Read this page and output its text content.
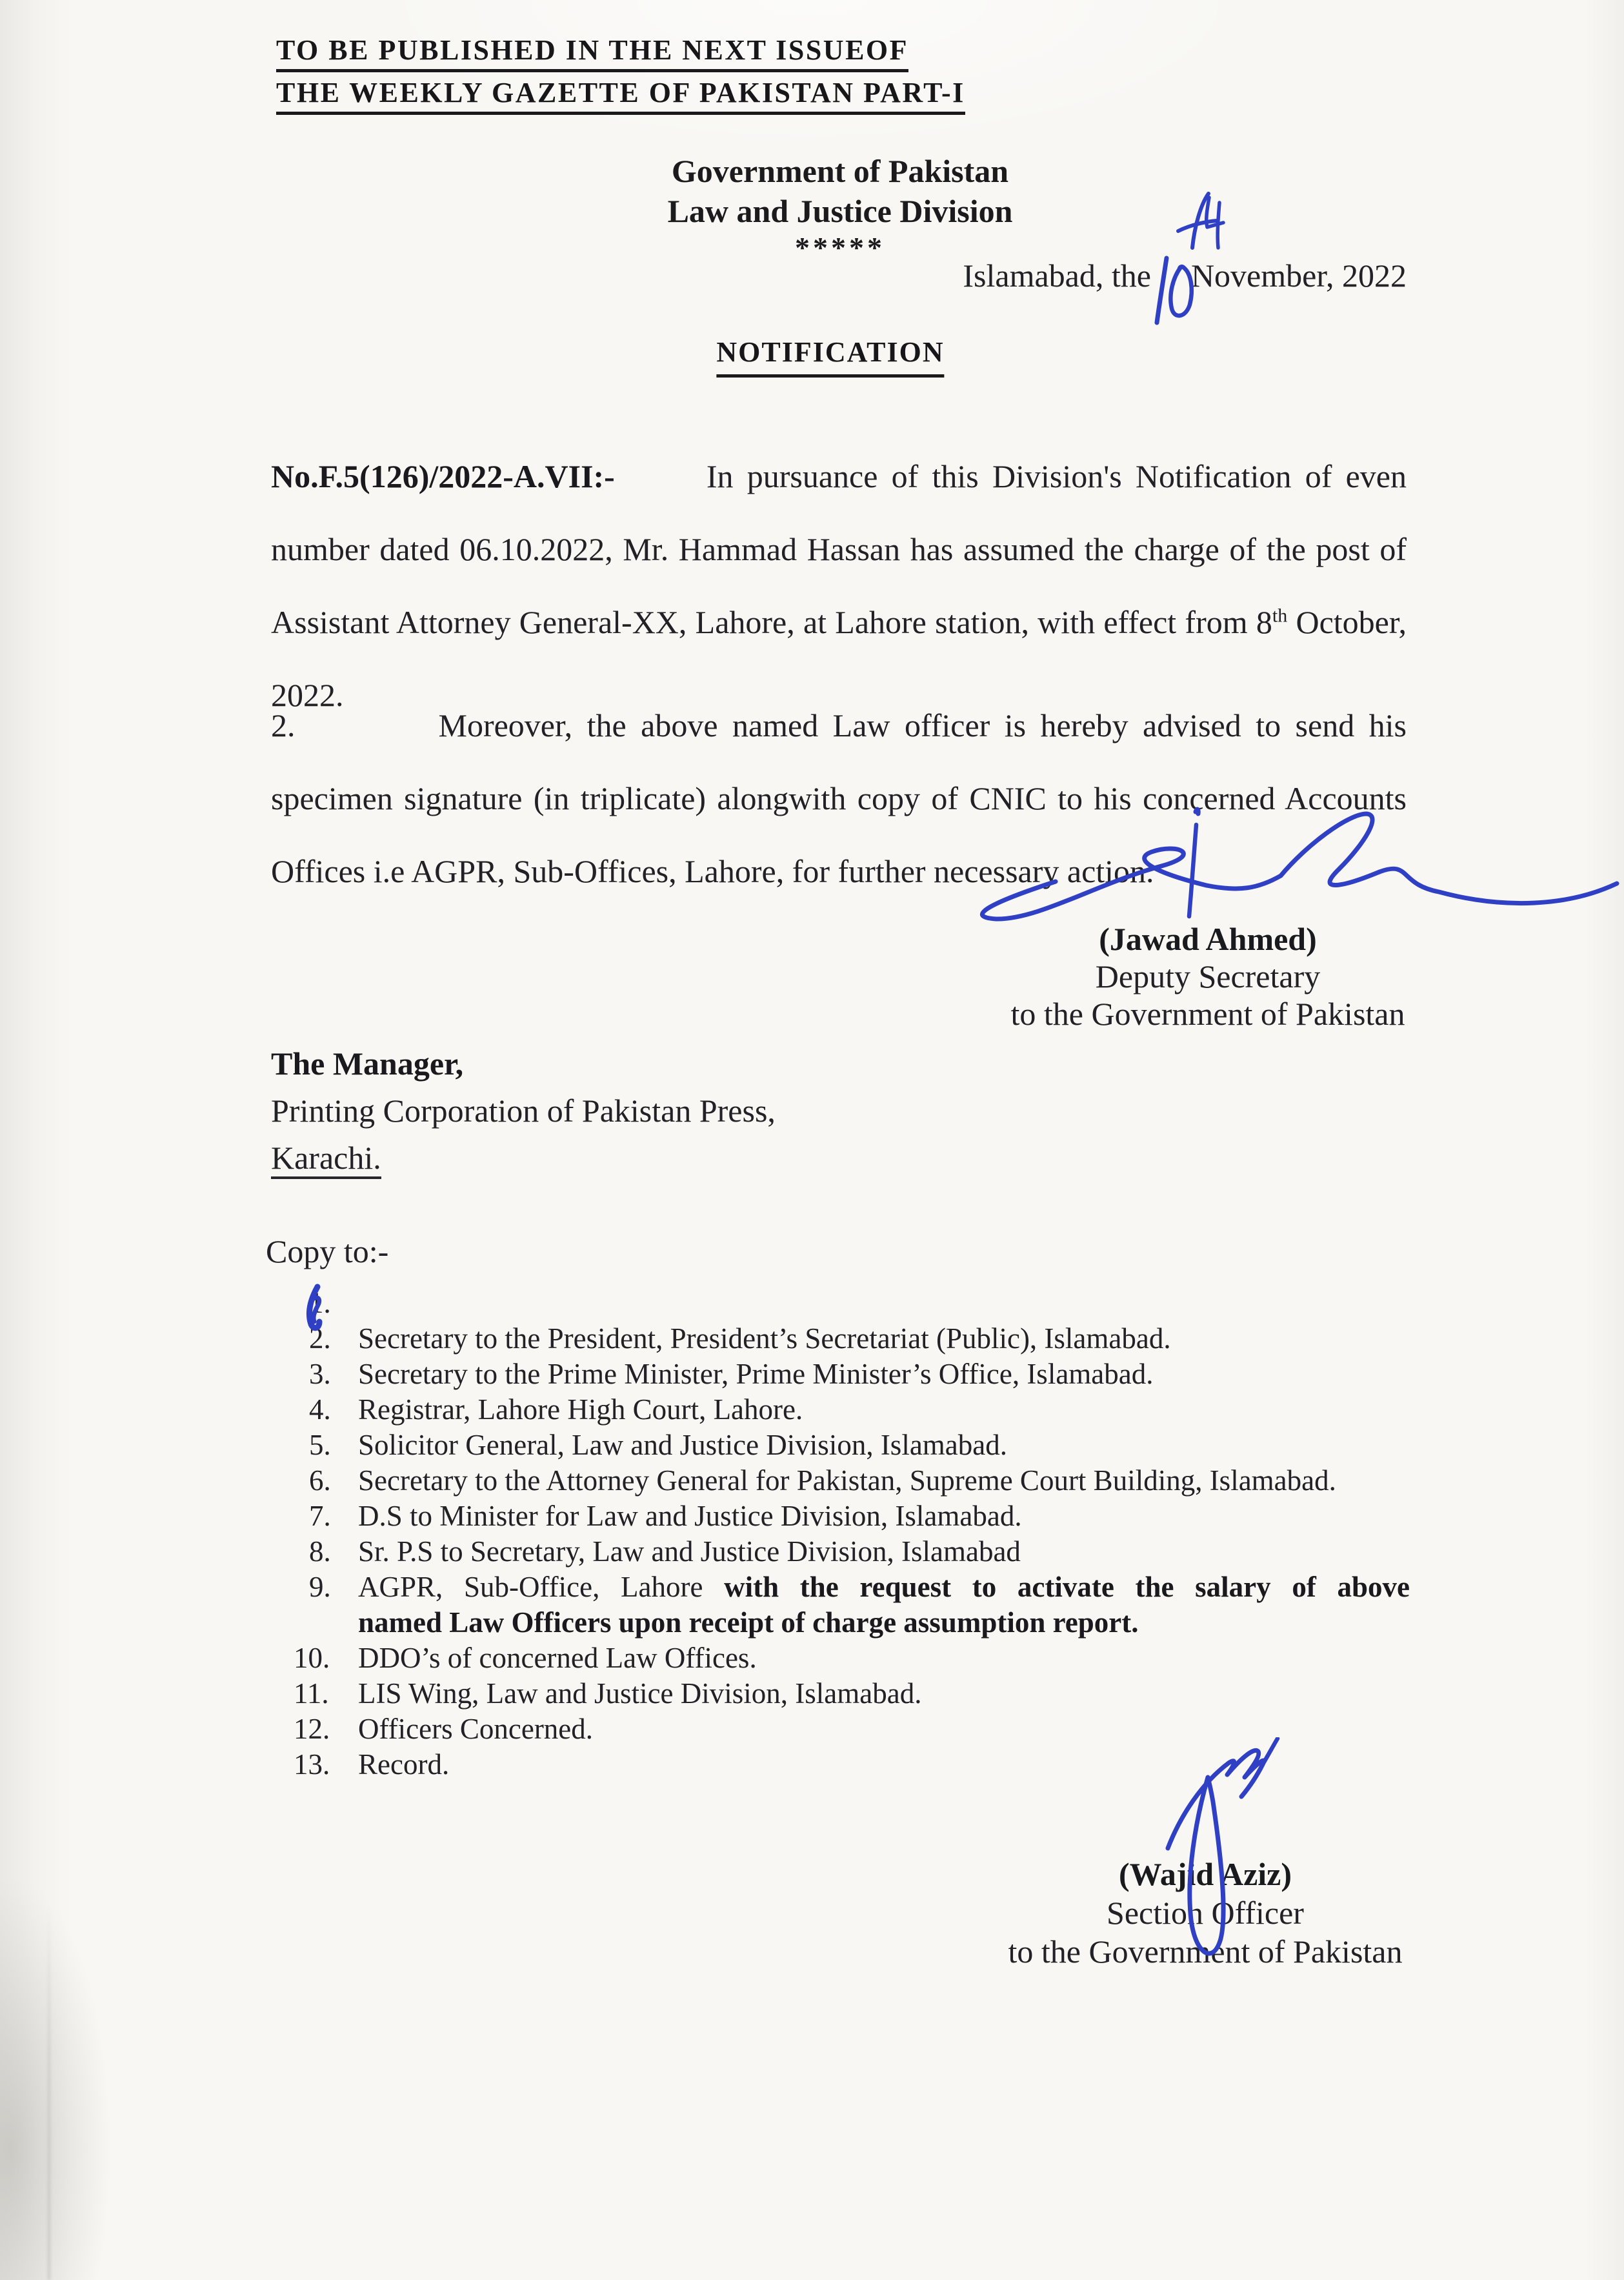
TO BE PUBLISHED IN THE NEXT ISSUEOF
THE WEEKLY GAZETTE OF PAKISTAN PART-I
Government of Pakistan
Law and Justice Division
*****
Islamabad, the November, 2022
NOTIFICATION

No.F.5(126)/2022-A.VII:-	In pursuance of this Division's Notification of even number dated 06.10.2022, Mr. Hammad Hassan has assumed the charge of the post of Assistant Attorney General-XX, Lahore, at Lahore station, with effect from 8th October, 2022.

2.	Moreover, the above named Law officer is hereby advised to send his specimen signature (in triplicate) alongwith copy of CNIC to his concerned Accounts Offices i.e AGPR, Sub-Offices, Lahore, for further necessary action.

(Jawad Ahmed)
Deputy Secretary
to the Government of Pakistan
The Manager,
Printing Corporation of Pakistan Press,
Karachi.
Copy to:-
1.
2. Secretary to the President, President’s Secretariat (Public), Islamabad.
3. Secretary to the Prime Minister, Prime Minister’s Office, Islamabad.
4. Registrar, Lahore High Court, Lahore.
5. Solicitor General, Law and Justice Division, Islamabad.
6. Secretary to the Attorney General for Pakistan, Supreme Court Building, Islamabad.
7. D.S to Minister for Law and Justice Division, Islamabad.
8. Sr. P.S to Secretary, Law and Justice Division, Islamabad
9. AGPR, Sub-Office, Lahore with the request to activate the salary of above
named Law Officers upon receipt of charge assumption report.
10. DDO’s of concerned Law Offices.
11.	LIS Wing, Law and Justice Division, Islamabad.
12. Officers Concerned.
13. Record.
(Wajid Aziz)
Section Officer
to the Government of Pakistan
